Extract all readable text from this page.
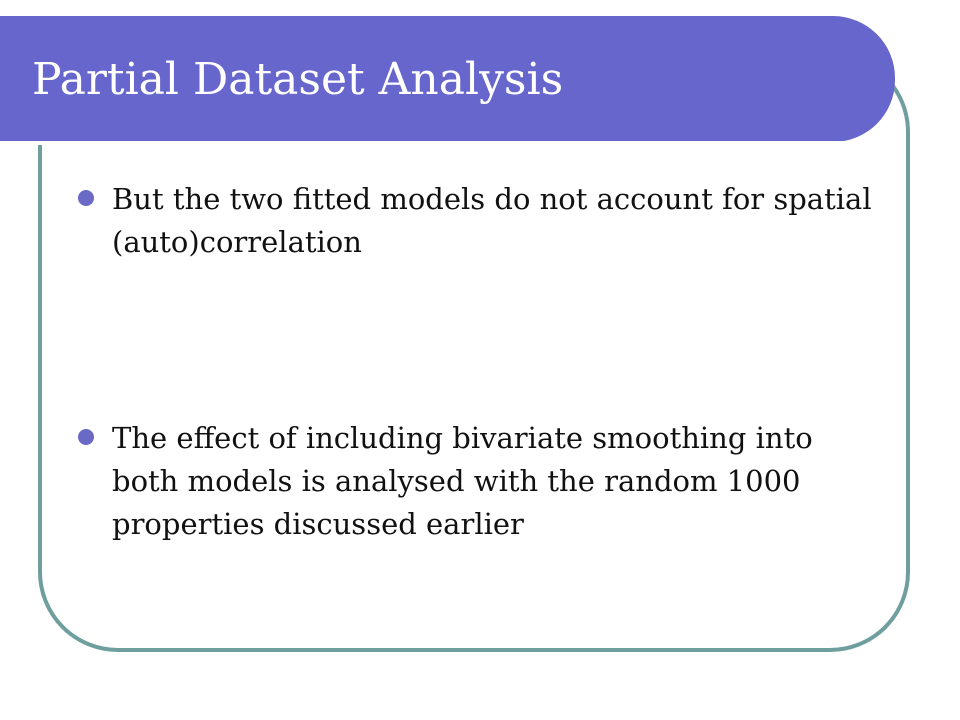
Partial Dataset Analysis

But the two fitted models do not account for spatial (auto)correlation

The effect of including bivariate smoothing into both models is analysed with the random 1000 properties discussed earlier
